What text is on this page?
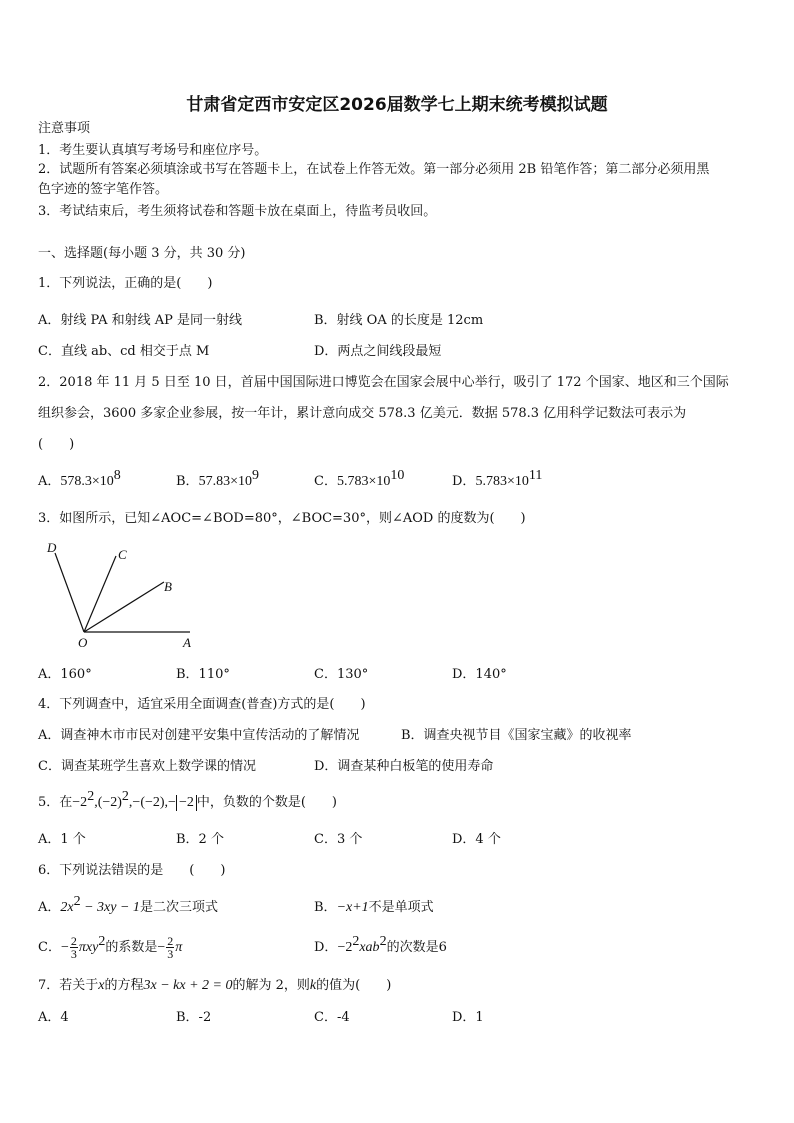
甘肃省定西市安定区2026届数学七上期末统考模拟试题
注意事项
1．考生要认真填写考场号和座位序号。
2．试题所有答案必须填涂或书写在答题卡上，在试卷上作答无效。第一部分必须用 2B 铅笔作答；第二部分必须用黑
色字迹的签字笔作答。
3．考试结束后，考生须将试卷和答题卡放在桌面上，待监考员收回。
一、选择题(每小题 3 分，共 30 分)
1．下列说法，正确的是(　　)
A．射线 PA 和射线 AP 是同一射线	B．射线 OA 的长度是 12cm
C．直线 ab、cd 相交于点 M	D．两点之间线段最短
2．2018 年 11 月 5 日至 10 日，首届中国国际进口博览会在国家会展中心举行，吸引了 172 个国家、地区和三个国际
组织参会，3600 多家企业参展，按一年计，累计意向成交 578.3 亿美元．数据 578.3 亿用科学记数法可表示为
(　　)
A．$578.3\times 10^8$	B．$57.83\times 10^9$	C．$5.783\times 10^{10}$	D．$5.783\times 10^{11}$
3．如图所示，已知∠AOC=∠BOD=80°，∠BOC=30°，则∠AOD 的度数为(　　)
D	C
B
O	A
A．160°	B．110°	C．130°	D．140°
4．下列调查中，适宜采用全面调查(普查)方式的是(　　)
A．调查神木市市民对创建平安集中宣传活动的了解情况	B．调查央视节目《国家宝藏》的收视率
C．调查某班学生喜欢上数学课的情况	D．调查某种白板笔的使用寿命
5．在$-2^2,(-2)^2,-(-2),- -2$ 中，负数的个数是(　　)
A．1 个	B．2 个	C．3 个	D．4 个
6．下列说法错误的是　　(　　)
A．$2x^2 - 3xy - 1$是二次三项式	B．−x+1不是单项式
C．− $\frac{2}{3} \pi xy^2$的系数是− $\frac{2}{3}$ π	D．$-2^2xab^2$的次数是6
7．若关于x的方程3x − kx + 2 = 0的解为 2，则k的值为(　　)
A．4	B．-2	C．-4	D．1
